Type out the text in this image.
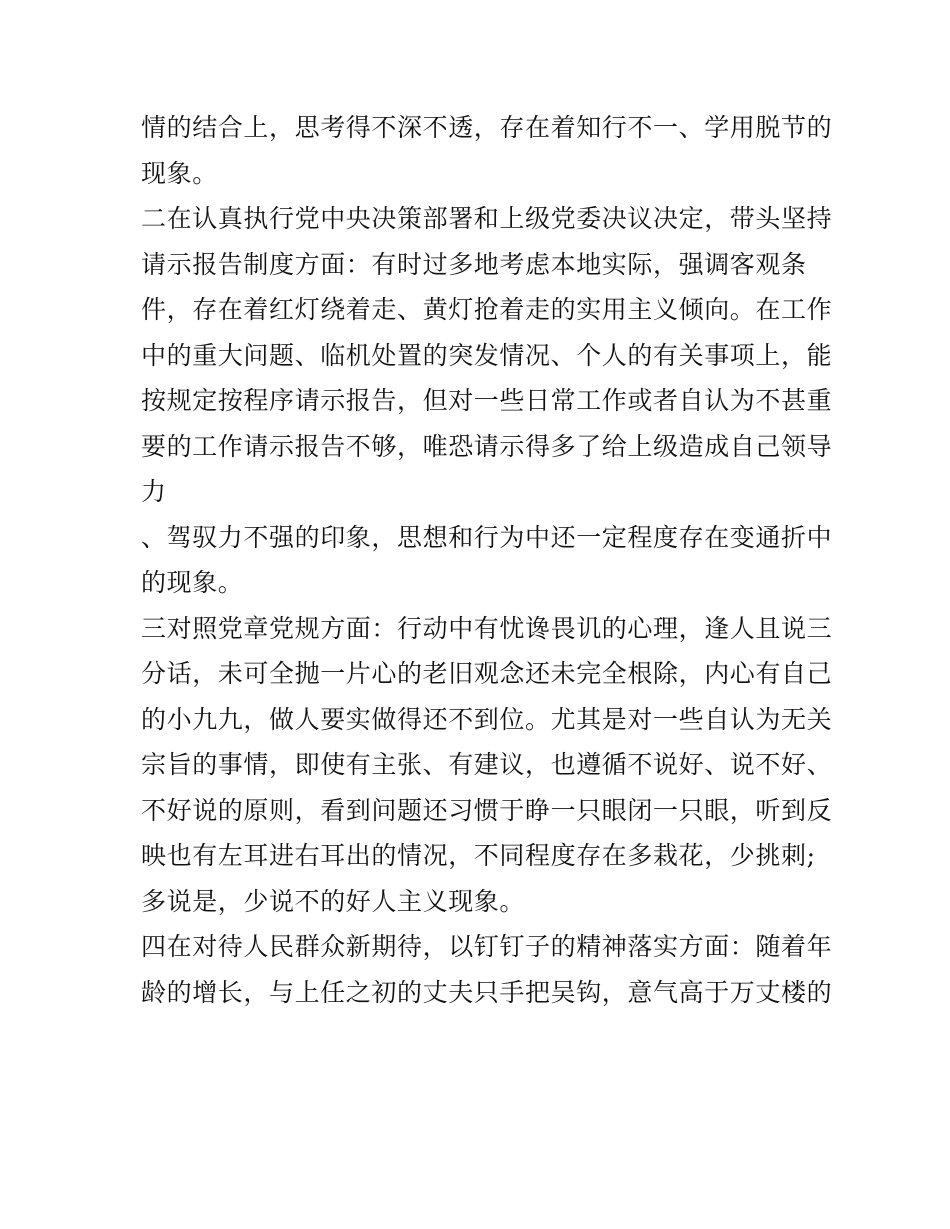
情的结合上，思考得不深不透，存在着知行不一、学用脱节的
现象。
二在认真执行党中央决策部署和上级党委决议决定，带头坚持
请示报告制度方面：有时过多地考虑本地实际，强调客观条
件，存在着红灯绕着走、黄灯抢着走的实用主义倾向。在工作
中的重大问题、临机处置的突发情况、个人的有关事项上，能
按规定按程序请示报告，但对一些日常工作或者自认为不甚重
要的工作请示报告不够，唯恐请示得多了给上级造成自己领导
力
、驾驭力不强的印象，思想和行为中还一定程度存在变通折中
的现象。
三对照党章党规方面：行动中有忧谗畏讥的心理，逢人且说三
分话，未可全抛一片心的老旧观念还未完全根除，内心有自己
的小九九，做人要实做得还不到位。尤其是对一些自认为无关
宗旨的事情，即使有主张、有建议，也遵循不说好、说不好、
不好说的原则，看到问题还习惯于睁一只眼闭一只眼，听到反
映也有左耳进右耳出的情况，不同程度存在多栽花，少挑刺;
多说是，少说不的好人主义现象。
四在对待人民群众新期待，以钉钉子的精神落实方面：随着年
龄的增长，与上任之初的丈夫只手把吴钩，意气高于万丈楼的
